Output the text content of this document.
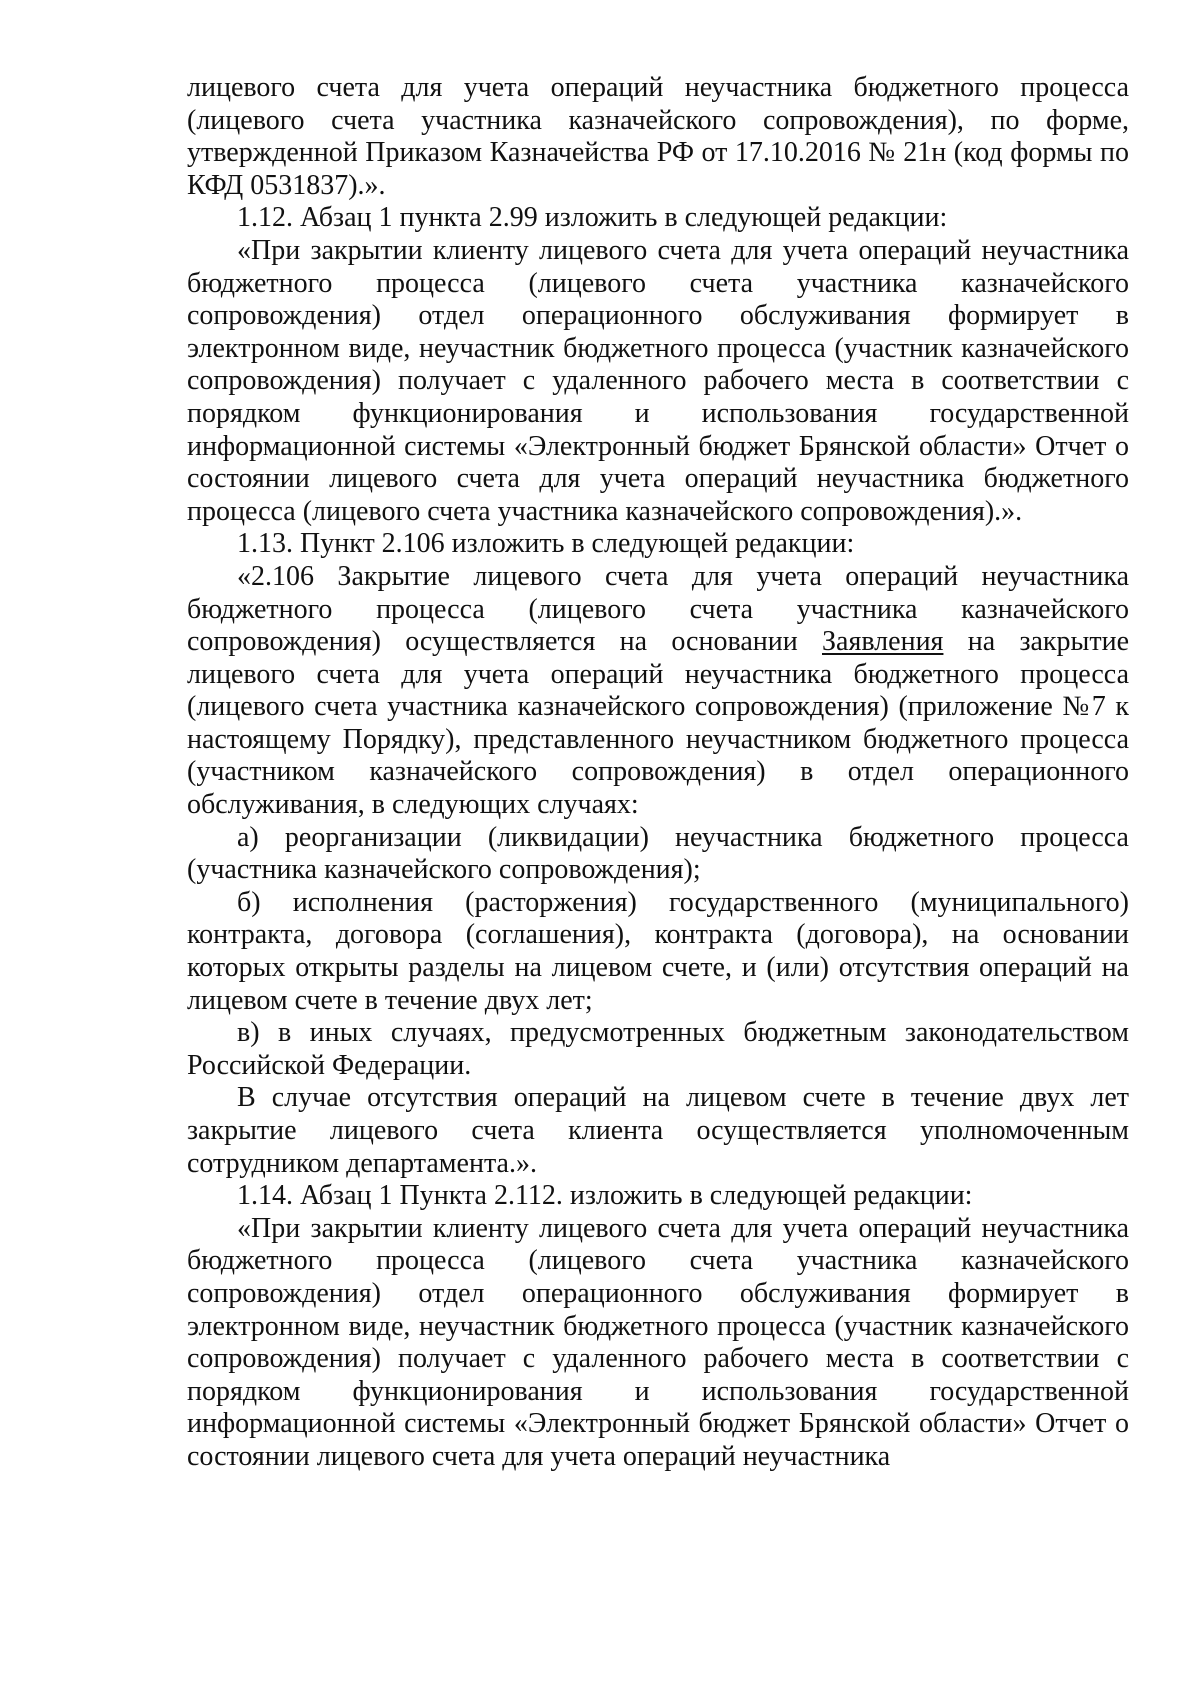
лицевого счета для учета операций неучастника бюджетного процесса (лицевого счета участника казначейского сопровождения), по форме, утвержденной Приказом Казначейства РФ от 17.10.2016 № 21н (код формы по КФД 0531837).».

1.12. Абзац 1 пункта 2.99 изложить в следующей редакции:

«При закрытии клиенту лицевого счета для учета операций неучастника бюджетного процесса (лицевого счета участника казначейского сопровождения) отдел операционного обслуживания формирует в электронном виде, неучастник бюджетного процесса (участник казначейского сопровождения) получает с удаленного рабочего места в соответствии с порядком функционирования и использования государственной информационной системы «Электронный бюджет Брянской области» Отчет о состоянии лицевого счета для учета операций неучастника бюджетного процесса (лицевого счета участника казначейского сопровождения).».

1.13. Пункт 2.106 изложить в следующей редакции:

«2.106 Закрытие лицевого счета для учета операций неучастника бюджетного процесса (лицевого счета участника казначейского сопровождения) осуществляется на основании Заявления на закрытие лицевого счета для учета операций неучастника бюджетного процесса (лицевого счета участника казначейского сопровождения) (приложение №7 к настоящему Порядку), представленного неучастником бюджетного процесса (участником казначейского сопровождения) в отдел операционного обслуживания, в следующих случаях:

а) реорганизации (ликвидации) неучастника бюджетного процесса (участника казначейского сопровождения);

б) исполнения (расторжения) государственного (муниципального) контракта, договора (соглашения), контракта (договора), на основании которых открыты разделы на лицевом счете, и (или) отсутствия операций на лицевом счете в течение двух лет;

в) в иных случаях, предусмотренных бюджетным законодательством Российской Федерации.

В случае отсутствия операций на лицевом счете в течение двух лет закрытие лицевого счета клиента осуществляется уполномоченным сотрудником департамента.».

1.14. Абзац 1 Пункта 2.112. изложить в следующей редакции:

«При закрытии клиенту лицевого счета для учета операций неучастника бюджетного процесса (лицевого счета участника казначейского сопровождения) отдел операционного обслуживания формирует в электронном виде, неучастник бюджетного процесса (участник казначейского сопровождения) получает с удаленного рабочего места в соответствии с порядком функционирования и использования государственной информационной системы «Электронный бюджет Брянской области» Отчет о состоянии лицевого счета для учета операций неучастника
